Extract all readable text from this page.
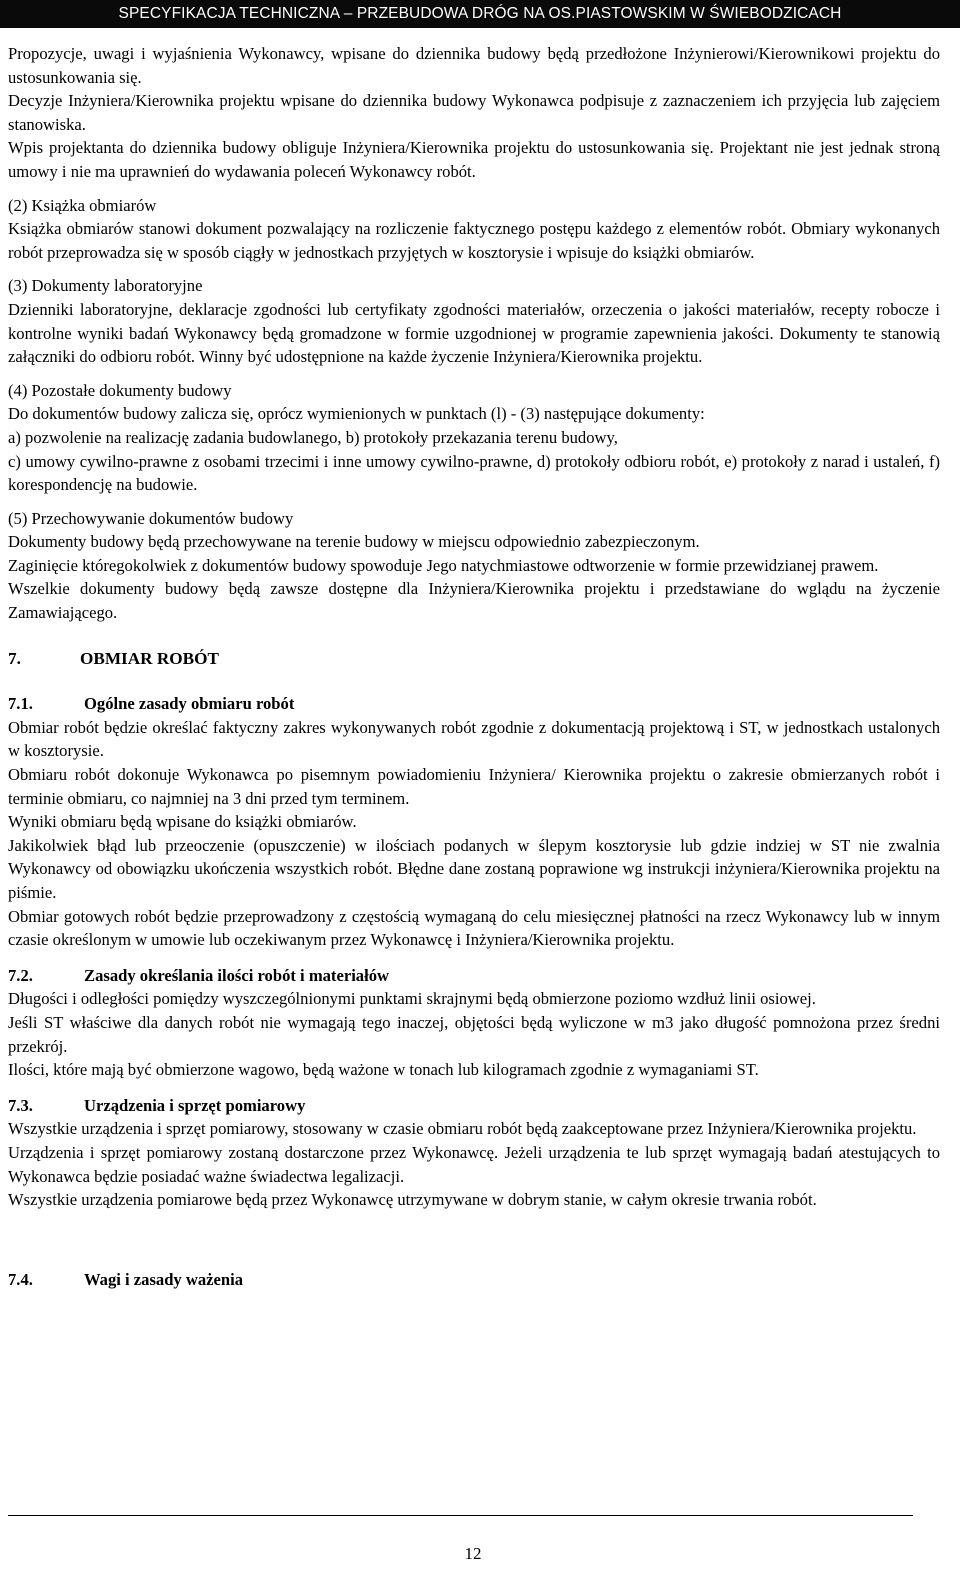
SPECYFIKACJA TECHNICZNA – PRZEBUDOWA DRÓG NA OS.PIASTOWSKIM W ŚWIEBODZICACH

Propozycje, uwagi i wyjaśnienia Wykonawcy, wpisane do dziennika budowy będą przedłożone Inżynierowi/Kierownikowi projektu do ustosunkowania się.

Decyzje Inżyniera/Kierownika projektu wpisane do dziennika budowy Wykonawca podpisuje z zaznaczeniem ich przyjęcia lub zajęciem stanowiska.

Wpis projektanta do dziennika budowy obliguje Inżyniera/Kierownika projektu do ustosunkowania się. Projektant nie jest jednak stroną umowy i nie ma uprawnień do wydawania poleceń Wykonawcy robót.

(2) Książka obmiarów

Książka obmiarów stanowi dokument pozwalający na rozliczenie faktycznego postępu każdego z elementów robót. Obmiary wykonanych robót przeprowadza się w sposób ciągły w jednostkach przyjętych w kosztorysie i wpisuje do książki obmiarów.

(3) Dokumenty laboratoryjne

Dzienniki laboratoryjne, deklaracje zgodności lub certyfikaty zgodności materiałów, orzeczenia o jakości materiałów, recepty robocze i kontrolne wyniki badań Wykonawcy będą gromadzone w formie uzgodnionej w programie zapewnienia jakości. Dokumenty te stanowią załączniki do odbioru robót. Winny być udostępnione na każde życzenie Inżyniera/Kierownika projektu.

(4) Pozostałe dokumenty budowy

Do dokumentów budowy zalicza się, oprócz wymienionych w punktach (l) - (3) następujące dokumenty:

a) pozwolenie na realizację zadania budowlanego, b) protokoły przekazania terenu budowy,

c) umowy cywilno-prawne z osobami trzecimi i inne umowy cywilno-prawne, d) protokoły odbioru robót, e) protokoły z narad i ustaleń, f) korespondencję na budowie.

(5) Przechowywanie dokumentów budowy

Dokumenty budowy będą przechowywane na terenie budowy w miejscu odpowiednio zabezpieczonym.

Zaginięcie któregokolwiek z dokumentów budowy spowoduje Jego natychmiastowe odtworzenie w formie przewidzianej prawem.

Wszelkie dokumenty budowy będą zawsze dostępne dla Inżyniera/Kierownika projektu i przedstawiane do wglądu na życzenie Zamawiającego.

7.	OBMIAR ROBÓT
7.1.	Ogólne zasady obmiaru robót

Obmiar robót będzie określać faktyczny zakres wykonywanych robót zgodnie z dokumentacją projektową i ST, w jednostkach ustalonych w kosztorysie.

Obmiaru robót dokonuje Wykonawca po pisemnym powiadomieniu Inżyniera/ Kierownika projektu o zakresie obmierzanych robót i terminie obmiaru, co najmniej na 3 dni przed tym terminem.

Wyniki obmiaru będą wpisane do książki obmiarów.

Jakikolwiek błąd lub przeoczenie (opuszczenie) w ilościach podanych w ślepym kosztorysie lub gdzie indziej w ST nie zwalnia Wykonawcy od obowiązku ukończenia wszystkich robót. Błędne dane zostaną poprawione wg instrukcji inżyniera/Kierownika projektu na piśmie.

Obmiar gotowych robót będzie przeprowadzony z częstością wymaganą do celu miesięcznej płatności na rzecz Wykonawcy lub w innym czasie określonym w umowie lub oczekiwanym przez Wykonawcę i Inżyniera/Kierownika projektu.

7.2.	Zasady określania ilości robót i materiałów

Długości i odległości pomiędzy wyszczególnionymi punktami skrajnymi będą obmierzone poziomo wzdłuż linii osiowej.

Jeśli ST właściwe dla danych robót nie wymagają tego inaczej, objętości będą wyliczone w m3 jako długość pomnożona przez średni przekrój.

Ilości, które mają być obmierzone wagowo, będą ważone w tonach lub kilogramach zgodnie z wymaganiami ST.

7.3.	Urządzenia i sprzęt pomiarowy

Wszystkie urządzenia i sprzęt pomiarowy, stosowany w czasie obmiaru robót będą zaakceptowane przez Inżyniera/Kierownika projektu.

Urządzenia i sprzęt pomiarowy zostaną dostarczone przez Wykonawcę. Jeżeli urządzenia te lub sprzęt wymagają badań atestujących to Wykonawca będzie posiadać ważne świadectwa legalizacji.

Wszystkie urządzenia pomiarowe będą przez Wykonawcę utrzymywane w dobrym stanie, w całym okresie trwania robót.

7.4.	Wagi i zasady ważenia
12
